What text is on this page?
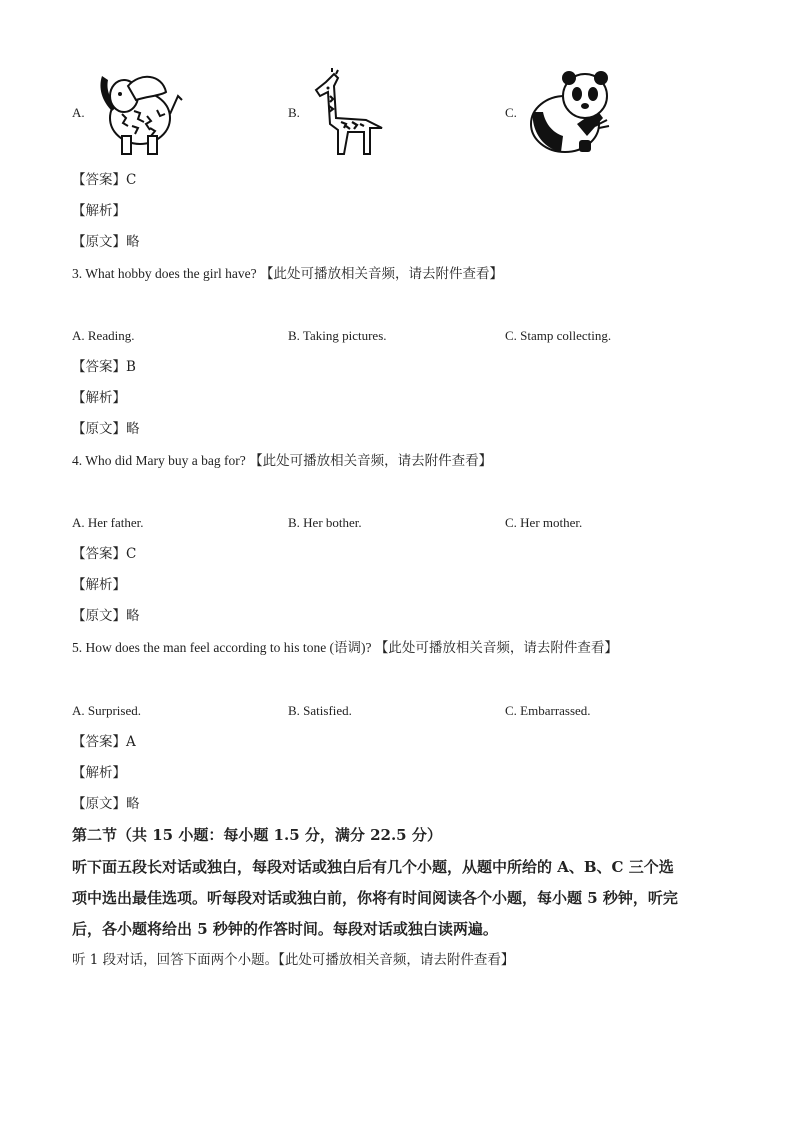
A.	B.	C.
【答案】C
【解析】
【原文】略
3. What hobby does the girl have? 【此处可播放相关音频，请去附件查看】
A. Reading.	B. Taking pictures.	C. Stamp collecting.
【答案】B
【解析】
【原文】略
4. Who did Mary buy a bag for? 【此处可播放相关音频，请去附件查看】
A. Her father.	B. Her bother.	C. Her mother.
【答案】C
【解析】
【原文】略
5. How does the man feel according to his tone (语调)? 【此处可播放相关音频，请去附件查看】
A. Surprised.	B. Satisfied.	C. Embarrassed.
【答案】A
【解析】
【原文】略
第二节（共 15 小题：每小题 1.5 分，满分 22.5 分）
听下面五段长对话或独白，每段对话或独白后有几个小题，从题中所给的 A、B、C 三个选
项中选出最佳选项。听每段对话或独白前，你将有时间阅读各个小题，每小题 5 秒钟，听完
后，各小题将给出 5 秒钟的作答时间。每段对话或独白读两遍。
听 1 段对话，回答下面两个小题。【此处可播放相关音频，请去附件查看】
